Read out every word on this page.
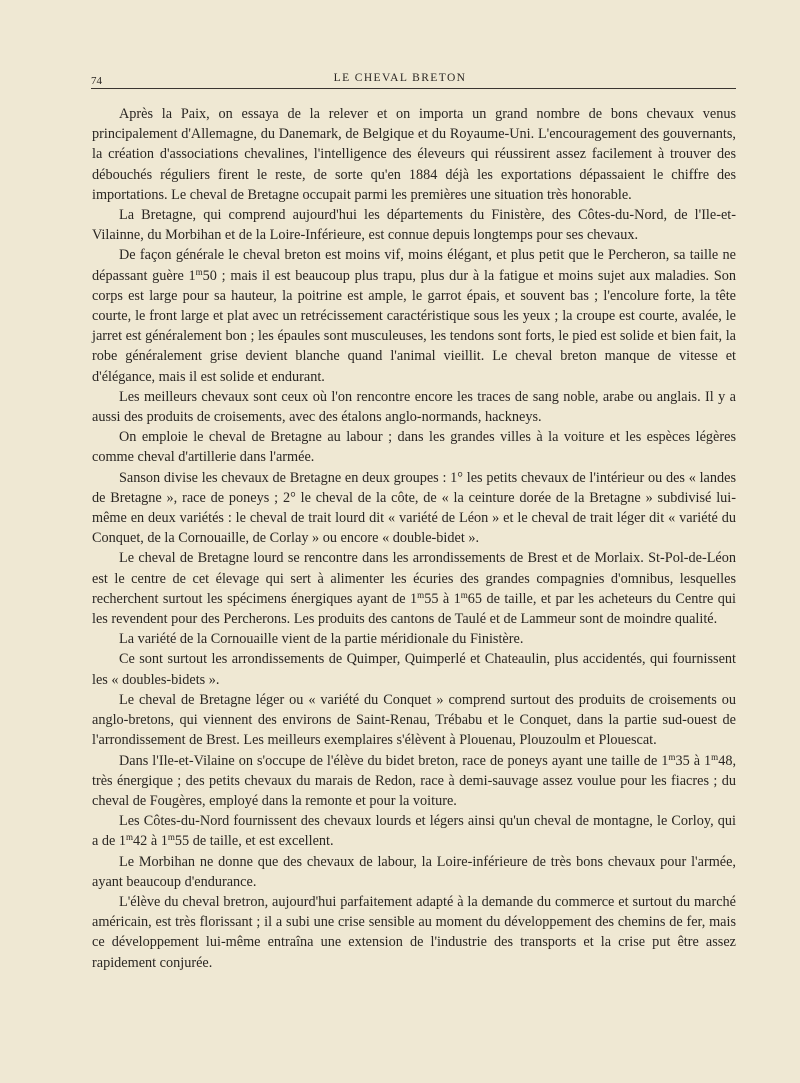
74	LE CHEVAL BRETON

Après la Paix, on essaya de la relever et on importa un grand nombre de bons chevaux venus principalement d'Allemagne, du Danemark, de Belgique et du Royaume-Uni. L'encouragement des gouvernants, la création d'associations chevalines, l'intelligence des éleveurs qui réussirent assez facilement à trouver des débouchés réguliers firent le reste, de sorte qu'en 1884 déjà les exportations dépassaient le chiffre des importations. Le cheval de Bretagne occupait parmi les premières une situation très honorable.

La Bretagne, qui comprend aujourd'hui les départements du Finistère, des Côtes-du-Nord, de l'Ile-et-Vilainne, du Morbihan et de la Loire-Inférieure, est connue depuis longtemps pour ses chevaux.

De façon générale le cheval breton est moins vif, moins élégant, et plus petit que le Percheron, sa taille ne dépassant guère 1$^m$50 ; mais il est beaucoup plus trapu, plus dur à la fatigue et moins sujet aux maladies. Son corps est large pour sa hauteur, la poitrine est ample, le garrot épais, et souvent bas ; l'encolure forte, la tête courte, le front large et plat avec un retrécissement caractéristique sous les yeux ; la croupe est courte, avalée, le jarret est généralement bon ; les épaules sont musculeuses, les tendons sont forts, le pied est solide et bien fait, la robe généralement grise devient blanche quand l'animal vieillit. Le cheval breton manque de vitesse et d'élégance, mais il est solide et endurant.

Les meilleurs chevaux sont ceux où l'on rencontre encore les traces de sang noble, arabe ou anglais. Il y a aussi des produits de croisements, avec des étalons anglo-normands, hackneys.

On emploie le cheval de Bretagne au labour ; dans les grandes villes à la voiture et les espèces légères comme cheval d'artillerie dans l'armée.

Sanson divise les chevaux de Bretagne en deux groupes : 1° les petits chevaux de l'intérieur ou des « landes de Bretagne », race de poneys ; 2° le cheval de la côte, de « la ceinture dorée de la Bretagne » subdivisé lui-même en deux variétés : le cheval de trait lourd dit « variété de Léon » et le cheval de trait léger dit « variété du Conquet, de la Cornouaille, de Corlay » ou encore « double-bidet ».

Le cheval de Bretagne lourd se rencontre dans les arrondissements de Brest et de Morlaix. St-Pol-de-Léon est le centre de cet élevage qui sert à alimenter les écuries des grandes compagnies d'omnibus, lesquelles recherchent surtout les spécimens énergiques ayant de 1$^m$55 à 1$^m$65 de taille, et par les acheteurs du Centre qui les revendent pour des Percherons. Les produits des cantons de Taulé et de Lammeur sont de moindre qualité.

La variété de la Cornouaille vient de la partie méridionale du Finistère.

Ce sont surtout les arrondissements de Quimper, Quimperlé et Chateaulin, plus accidentés, qui fournissent les « doubles-bidets ».

Le cheval de Bretagne léger ou « variété du Conquet » comprend surtout des produits de croisements ou anglo-bretons, qui viennent des environs de Saint-Renau, Trébabu et le Conquet, dans la partie sud-ouest de l'arrondissement de Brest. Les meilleurs exemplaires s'élèvent à Plouenau, Plouzoulm et Plouescat.

Dans l'Ile-et-Vilaine on s'occupe de l'élève du bidet breton, race de poneys ayant une taille de 1$^m$35 à 1$^m$48, très énergique ; des petits chevaux du marais de Redon, race à demi-sauvage assez voulue pour les fiacres ; du cheval de Fougères, employé dans la remonte et pour la voiture.

Les Côtes-du-Nord fournissent des chevaux lourds et légers ainsi qu'un cheval de montagne, le Corloy, qui a de 1$^m$42 à 1$^m$55 de taille, et est excellent.

Le Morbihan ne donne que des chevaux de labour, la Loire-inférieure de très bons chevaux pour l'armée, ayant beaucoup d'endurance.

L'élève du cheval bretron, aujourd'hui parfaitement adapté à la demande du commerce et surtout du marché américain, est très florissant ; il a subi une crise sensible au moment du développement des chemins de fer, mais ce développement lui-même entraîna une extension de l'industrie des transports et la crise put être assez rapidement conjurée.
